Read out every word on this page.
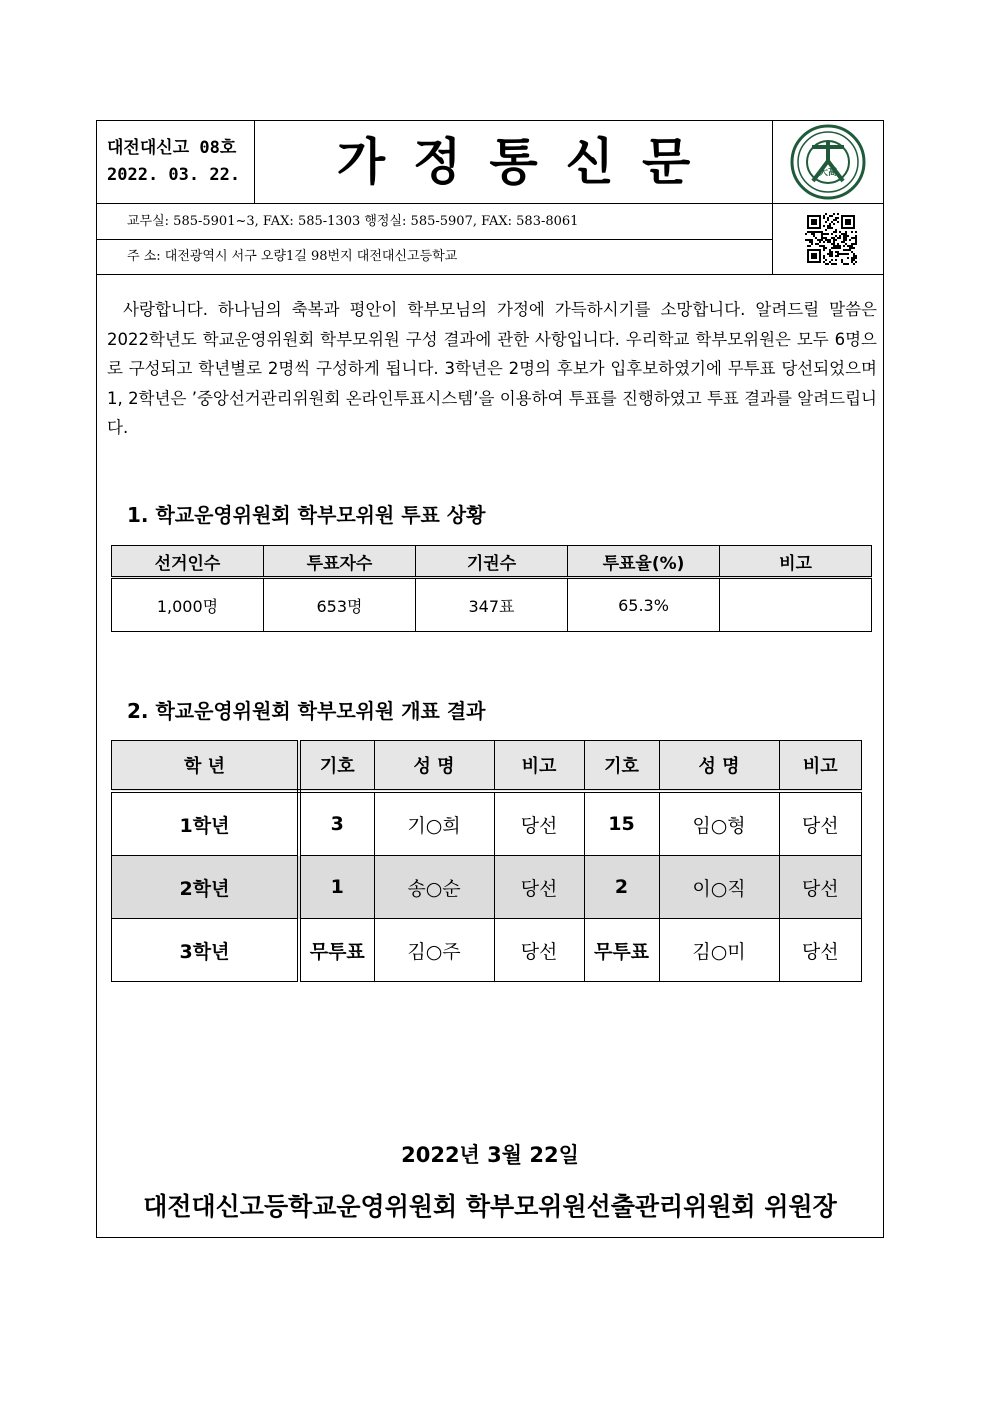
대전대신고 08호
2022. 03. 22.	가정통신문	大高
교무실: 585-5901~3, FAX: 585-1303 행정실: 585-5907, FAX: 583-8061
주 소: 대전광역시 서구 오량1길 98번지 대전대신고등학교
사랑합니다. 하나님의 축복과 평안이 학부모님의 가정에 가득하시기를 소망합니다. 알려드릴 말씀은 2022학년도 학교운영위원회 학부모위원 구성 결과에 관한 사항입니다. 우리학교 학부모위원은 모두 6명으로 구성되고 학년별로 2명씩 구성하게 됩니다. 3학년은 2명의 후보가 입후보하였기에 무투표 당선되었으며 1, 2학년은 ’중앙선거관리위원회 온라인투표시스템’을 이용하여 투표를 진행하였고 투표 결과를 알려드립니다.
1. 학교운영위원회 학부모위원 투표 상황
선거인수	투표자수	기권수	투표율(%)	비고
1,000명	653명	347표	65.3%	
2. 학교운영위원회 학부모위원 개표 결과
학 년	기호	성 명	비고	기호	성 명	비고
1학년	3	기○희	당선	15	임○형	당선
2학년	1	송○순	당선	2	이○직	당선
3학년	무투표	김○주	당선	무투표	김○미	당선
2022년 3월 22일
대전대신고등학교운영위원회 학부모위원선출관리위원회 위원장
